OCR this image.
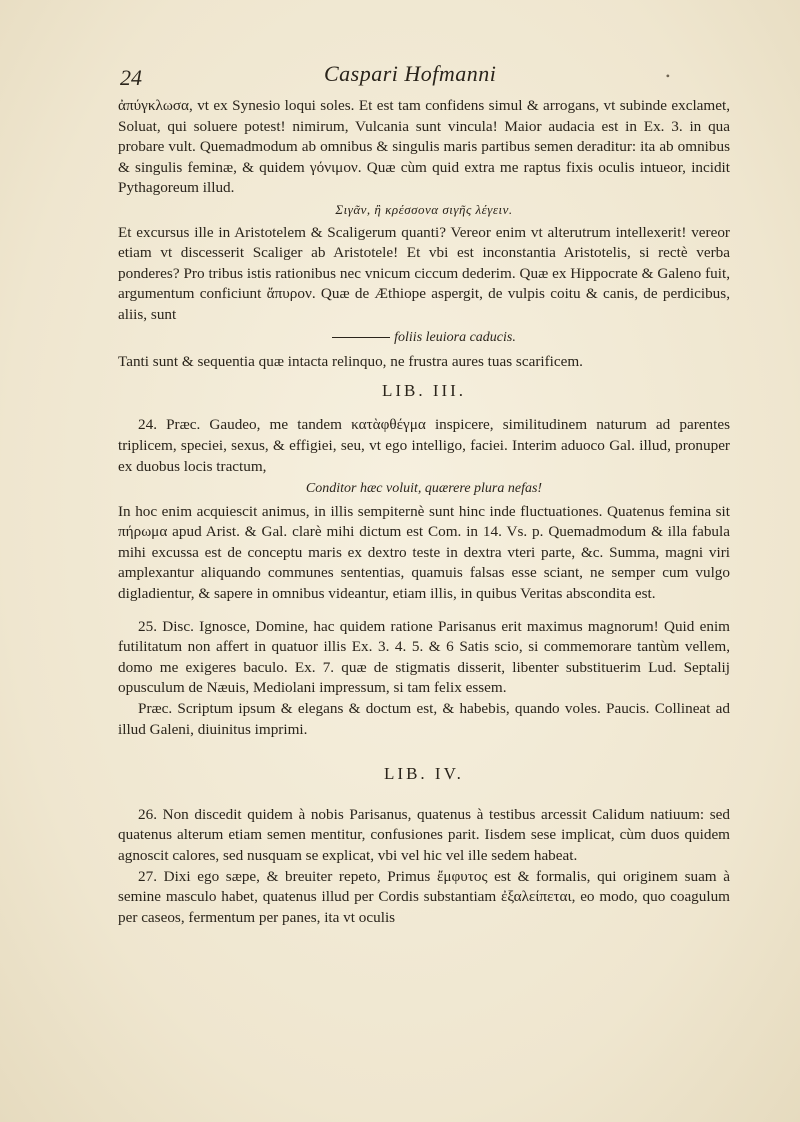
24	Caspari Hofmanni	•

ἀπύγκλωσα, vt ex Synesio loqui soles. Et est tam confidens simul & arrogans, vt subinde exclamet, Soluat, qui soluere potest! nimirum, Vulcania sunt vincula! Maior audacia est in Ex. 3. in qua probare vult. Quemadmodum ab omnibus & singulis maris partibus semen deraditur: ita ab omnibus & singulis feminæ, & quidem γόνιμον. Quæ cùm quid extra me raptus fixis oculis intueor, incidit Pythagoreum illud.

Σιγᾶν, ἢ κρέσσονα σιγῆς λέγειν.

Et excursus ille in Aristotelem & Scaligerum quanti? Vereor enim vt alterutrum intellexerit! vereor etiam vt discesserit Scaliger ab Aristotele! Et vbi est inconstantia Aristotelis, si rectè verba ponderes? Pro tribus istis rationibus nec vnicum ciccum dederim. Quæ ex Hippocrate & Galeno fuit, argumentum conficiunt ἄπυρον. Quæ de Æthiope aspergit, de vulpis coitu & canis, de perdicibus, aliis, sunt

foliis leuiora caducis.

Tanti sunt & sequentia quæ intacta relinquo, ne frustra aures tuas scarificem.

LIB. III.

24. Præc. Gaudeo, me tandem κατὰφθέγμα inspicere, similitudinem naturum ad parentes triplicem, speciei, sexus, & effigiei, seu, vt ego intelligo, faciei. Interim aduoco Gal. illud, pronuper ex duobus locis tractum,

Conditor hæc voluit, quærere plura nefas!

In hoc enim acquiescit animus, in illis sempiternè sunt hinc inde fluctuationes. Quatenus femina sit πήρωμα apud Arist. & Gal. clarè mihi dictum est Com. in 14. Vs. p. Quemadmodum & illa fabula mihi excussa est de conceptu maris ex dextro teste in dextra vteri parte, &c. Summa, magni viri amplexantur aliquando communes sententias, quamuis falsas esse sciant, ne semper cum vulgo digladientur, & sapere in omnibus videantur, etiam illis, in quibus Veritas abscondita est.

25. Disc. Ignosce, Domine, hac quidem ratione Parisanus erit maximus magnorum! Quid enim futilitatum non affert in quatuor illis Ex. 3. 4. 5. & 6 Satis scio, si commemorare tantùm vellem, domo me exigeres baculo. Ex. 7. quæ de stigmatis disserit, libenter substituerim Lud. Septalij opusculum de Næuis, Mediolani impressum, si tam felix essem.

Præc. Scriptum ipsum & elegans & doctum est, & habebis, quando voles. Paucis. Collineat ad illud Galeni, diuinitus imprimi.

LIB. IV.

26. Non discedit quidem à nobis Parisanus, quatenus à testibus arcessit Calidum natiuum: sed quatenus alterum etiam semen mentitur, confusiones parit. Iisdem sese implicat, cùm duos quidem agnoscit calores, sed nusquam se explicat, vbi vel hic vel ille sedem habeat.

27. Dixi ego sæpe, & breuiter repeto, Primus ἔμφυτος est & formalis, qui originem suam à semine masculo habet, quatenus illud per Cordis substantiam ἐξαλείπεται, eo modo, quo coagulum per caseos, fermentum per panes, ita vt oculis
